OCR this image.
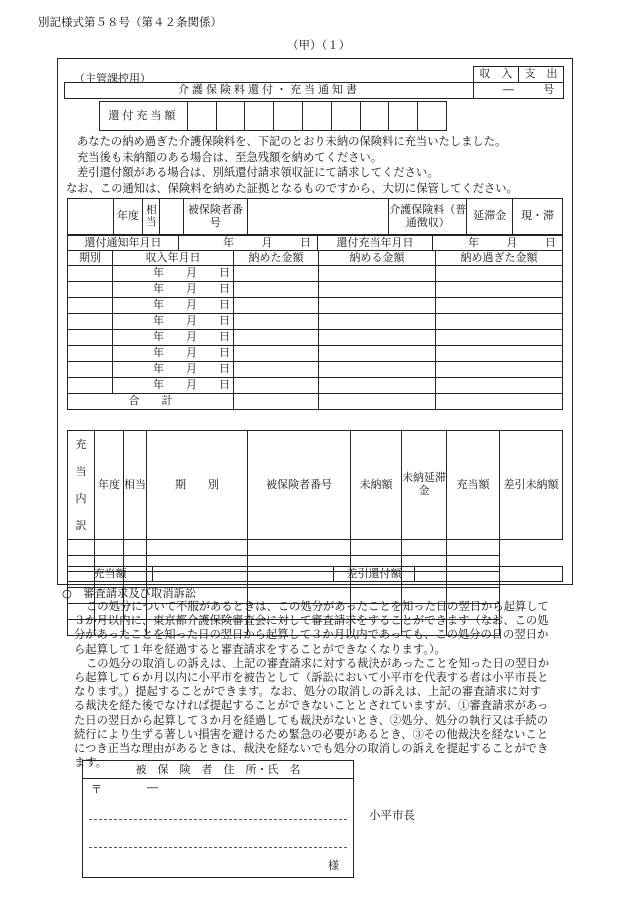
別記様式第５８号（第４２条関係）
（甲）（１）
（主管課控用）
		収　入	支　出
介護保険料還付・充当通知書	― 号	
還付充当額									

あなたの納め過ぎた介護保険料を、下記のとおり未納の保険料に充当いたしました。

充当後も未納額のある場合は、至急残額を納めてください。

差引還付額がある場合は、別紙還付請求領収証にて請求してください。

なお、この通知は、保険料を納めた証拠となるものですから、大切に保管してください。

	年度	相当		被保険者番号		介護保険料（普通徴収）	延滞金	現・滞
還付通知年月日	年	月	日	還付充当年月日	年	月	日
期別	収入年月日	納めた金額	納める金額	納め過ぎた金額
	年 月 日			
	年 月 日			
	年 月 日			
	年 月 日			
	年 月 日			
	年 月 日			
	年 月 日			
	年 月 日			
合　　計				
充
当
内
訳	年度	相当	期　　別	被保険者番号	未納額	未納延滞金	充当額	差引未納額

充当額		差引還付額	
○　審査請求及び取消訴訟

この処分について不服があるときは、この処分があったことを知った日の翌日から起算して

３か月以内に、東京都介護保険審査会に対して審査請求をすることができます（なお、この処

分があったことを知った日の翌日から起算して３か月以内であっても、この処分の日の翌日か

ら起算して１年を経過すると審査請求をすることができなくなります。）。

この処分の取消しの訴えは、上記の審査請求に対する裁決があったことを知った日の翌日か

ら起算して６か月以内に小平市を被告として（訴訟において小平市を代表する者は小平市長と

なります。）提起することができます。なお、処分の取消しの訴えは、上記の審査請求に対す

る裁決を経た後でなければ提起することができないこととされていますが、①審査請求があっ

た日の翌日から起算して３か月を経過しても裁決がないとき、②処分、処分の執行又は手続の

続行により生ずる著しい損害を避けるため緊急の必要があるとき、③その他裁決を経ないこと

につき正当な理由があるときは、裁決を経ないでも処分の取消しの訴えを提起することができ

ます。

被　保　険　者　住　所・氏　名
〒	―
様
小平市長
